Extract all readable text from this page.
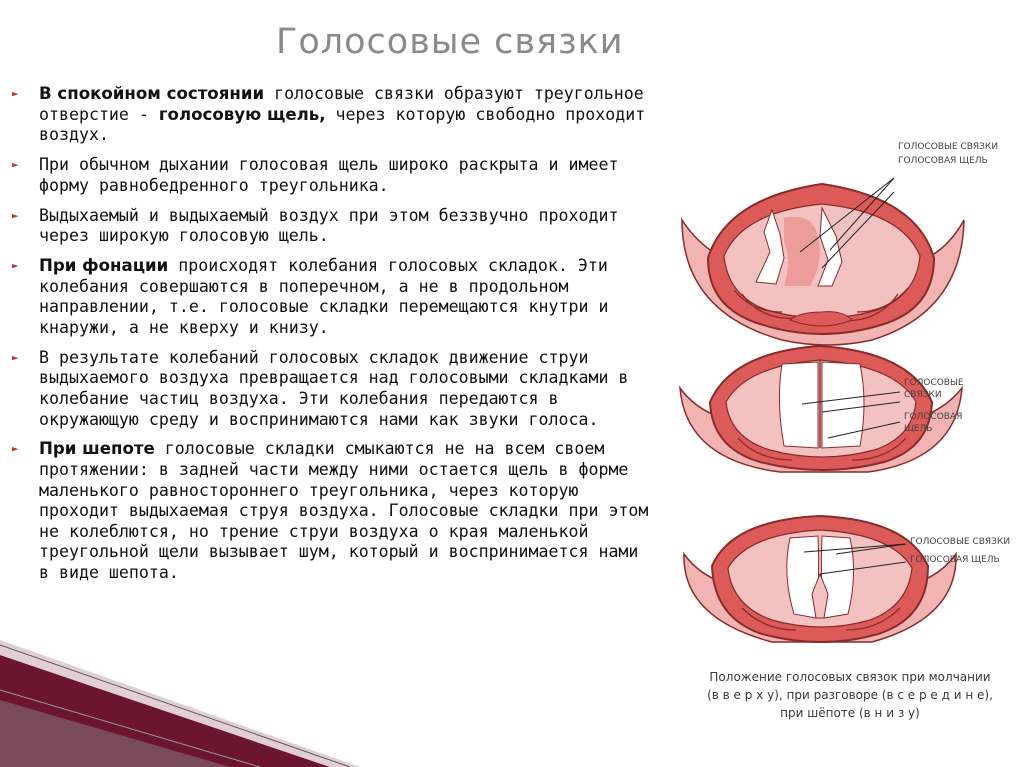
Голосовые связки
► В спокойном состоянии голосовые связки образуют треугольное отверстие - голосовую щель, через которую свободно проходит воздух.
► При обычном дыхании голосовая щель широко раскрыта и имеет форму равнобедренного треугольника.
► Выдыхаемый и выдыхаемый воздух при этом беззвучно проходит через широкую голосовую щель.
► При фонации происходят колебания голосовых складок. Эти колебания совершаются в поперечном, а не в продольном направлении, т.е. голосовые складки перемещаются кнутри и кнаружи, а не кверху и книзу.
► В результате колебаний голосовых складок движение струи выдыхаемого воздуха превращается над голосовыми складками в колебание частиц воздуха. Эти колебания передаются в окружающую среду и воспринимаются нами как звуки голоса.
► При шепоте голосовые складки смыкаются не на всем своем протяжении: в задней части между ними остается щель в форме маленького равностороннего треугольника, через которую проходит выдыхаемая струя воздуха. Голосовые складки при этом не колеблются, но трение струи воздуха о края маленькой треугольной щели вызывает шум, который и воспринимается нами в виде шепота.
ГОЛОСОВЫЕ СВЯЗКИ
ГОЛОСОВАЯ ЩЕЛЬ
ГОЛОСОВЫЕ
СВЯЗКИ
ГОЛОСОВАЯ
ЩЕЛЬ
ГОЛОСОВЫЕ СВЯЗКИ
ГОЛОСОВАЯ ЩЕЛЬ
Положение голосовых связок при молчании
(в в е р х у), при разговоре (в с е р е д и н е),
при шёпоте (в н и з у)
